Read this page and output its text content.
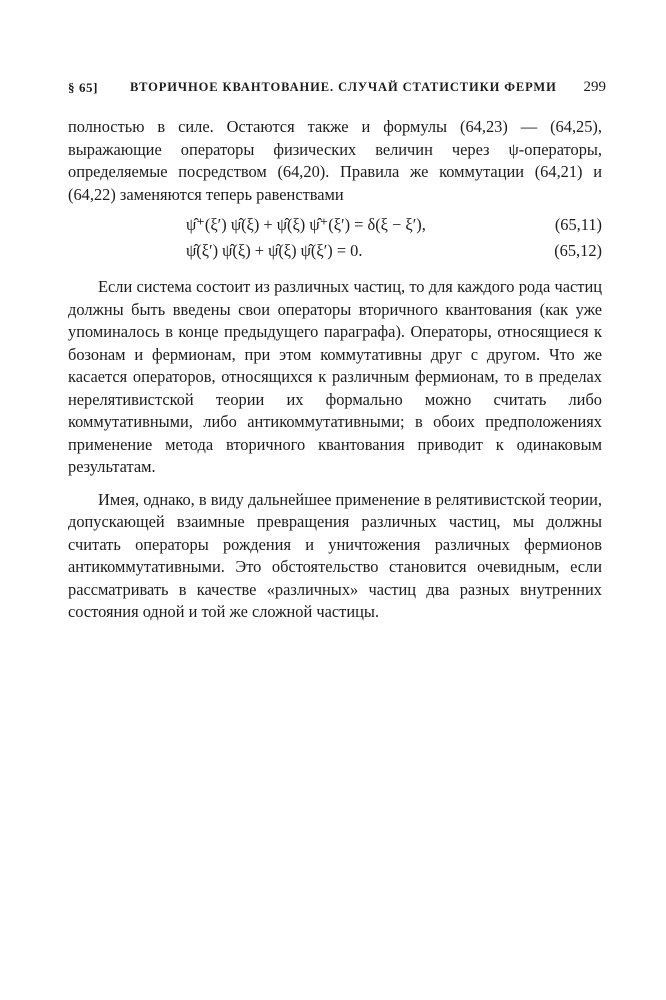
§ 65]	ВТОРИЧНОЕ КВАНТОВАНИЕ. СЛУЧАЙ СТАТИСТИКИ ФЕРМИ 299

полностью в силе. Остаются также и формулы (64,23) — (64,25), выражающие операторы физических величин через ψ-операторы, определяемые посредством (64,20). Правила же коммутации (64,21) и (64,22) заменяются теперь равенствами

ψ̂⁺(ξ′) ψ̂(ξ) + ψ̂(ξ) ψ̂⁺(ξ′) = δ(ξ − ξ′),	(65,11)
ψ̂(ξ′) ψ̂(ξ) + ψ̂(ξ) ψ̂(ξ′) = 0.	(65,12)

Если система состоит из различных частиц, то для каждого рода частиц должны быть введены свои операторы вторичного квантования (как уже упоминалось в конце предыдущего параграфа). Операторы, относящиеся к бозонам и фермионам, при этом коммутативны друг с другом. Что же касается операторов, относящихся к различным фермионам, то в пределах нерелятивистской теории их формально можно считать либо коммутативными, либо антикоммутативными; в обоих предположениях применение метода вторичного квантования приводит к одинаковым результатам.

Имея, однако, в виду дальнейшее применение в релятивистской теории, допускающей взаимные превращения различных частиц, мы должны считать операторы рождения и уничтожения различных фермионов антикоммутативными. Это обстоятельство становится очевидным, если рассматривать в качестве «различных» частиц два разных внутренних состояния одной и той же сложной частицы.
